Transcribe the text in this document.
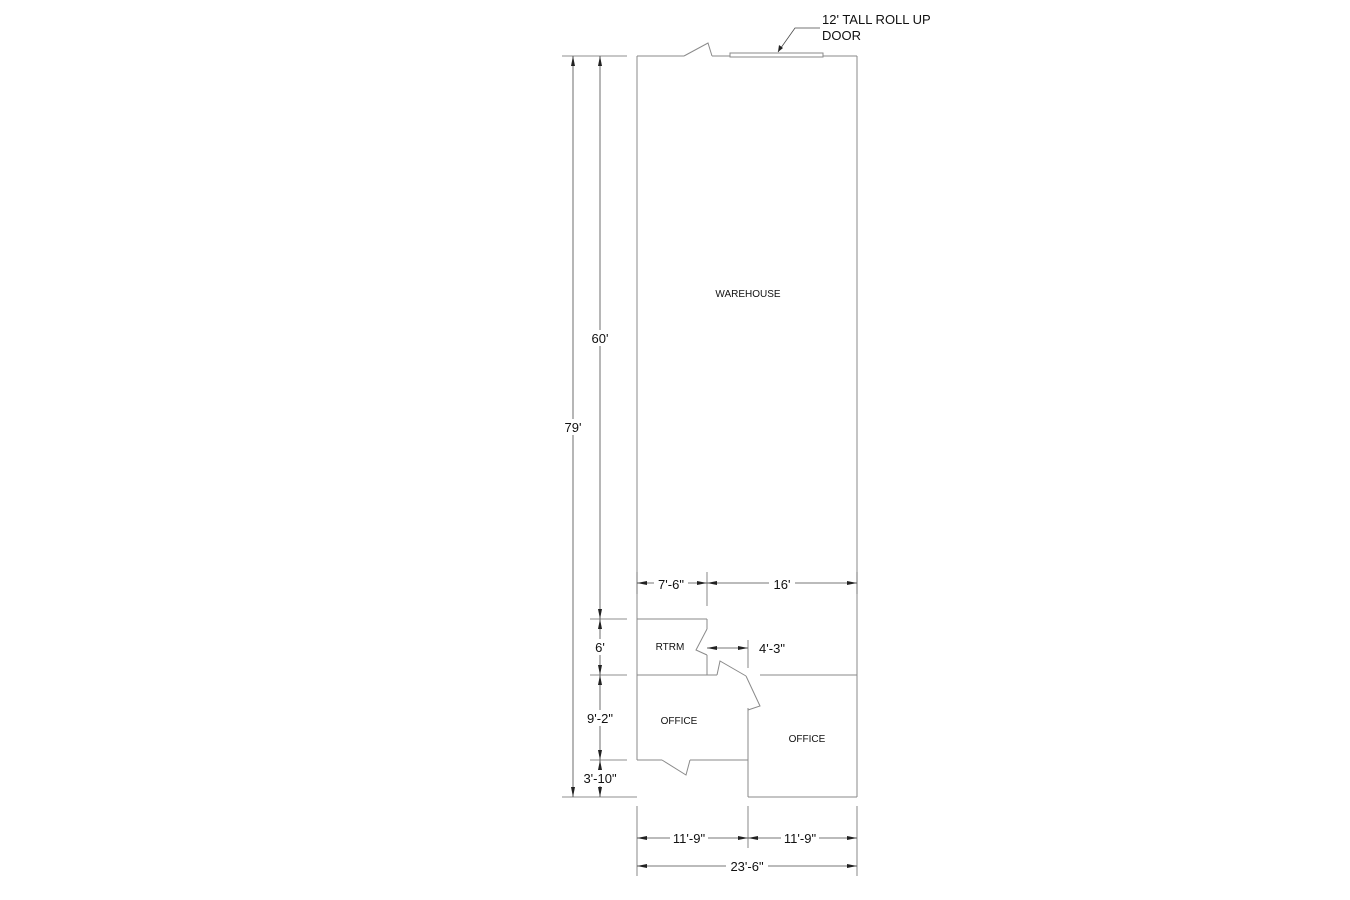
79'
60'
6'
9'-2"
3'-10"
7'-6"	16'
4'-3"
11'-9"	11'-9"
23'-6"
WAREHOUSE
RTRM
OFFICE
OFFICE
12' TALL ROLL UP
DOOR
